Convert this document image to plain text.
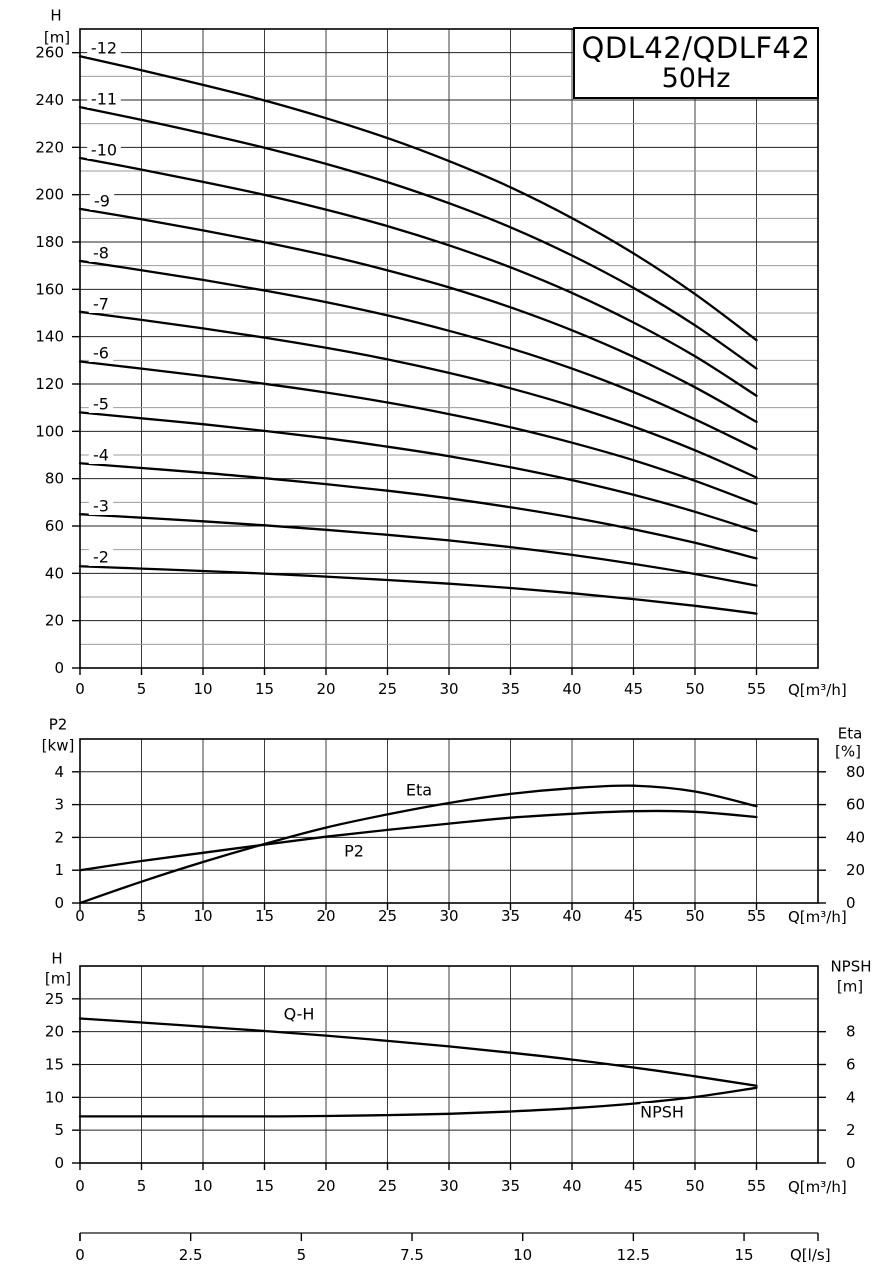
0	5	10	15	20	25	30	35	40	45	50	55 Q[m³/h]
0
20
40
60
80
100
120
140
160
180
200
220
240
260
-2
-3
-4
-5
-6
-7
-8
-9
-10
-11
-12
0	5	10	15	20	25	30	35	40	45	50	55 Q[m³/h]
0
1
2
3
4
0
20
40
60
80
P2
Eta
0	5	10	15	20	25	30	35	40	45	50	55 Q[m³/h]
0
5
10
15
20
25
0
2
4
6
8
Q-H
NPSH
0	2.5	5	7.5	10	12.5	15 Q[l/s]
QDL42/QDLF42
50Hz
H
[m]
P2
[kw]
Eta
[%]
H
[m]
NPSH
[m]
